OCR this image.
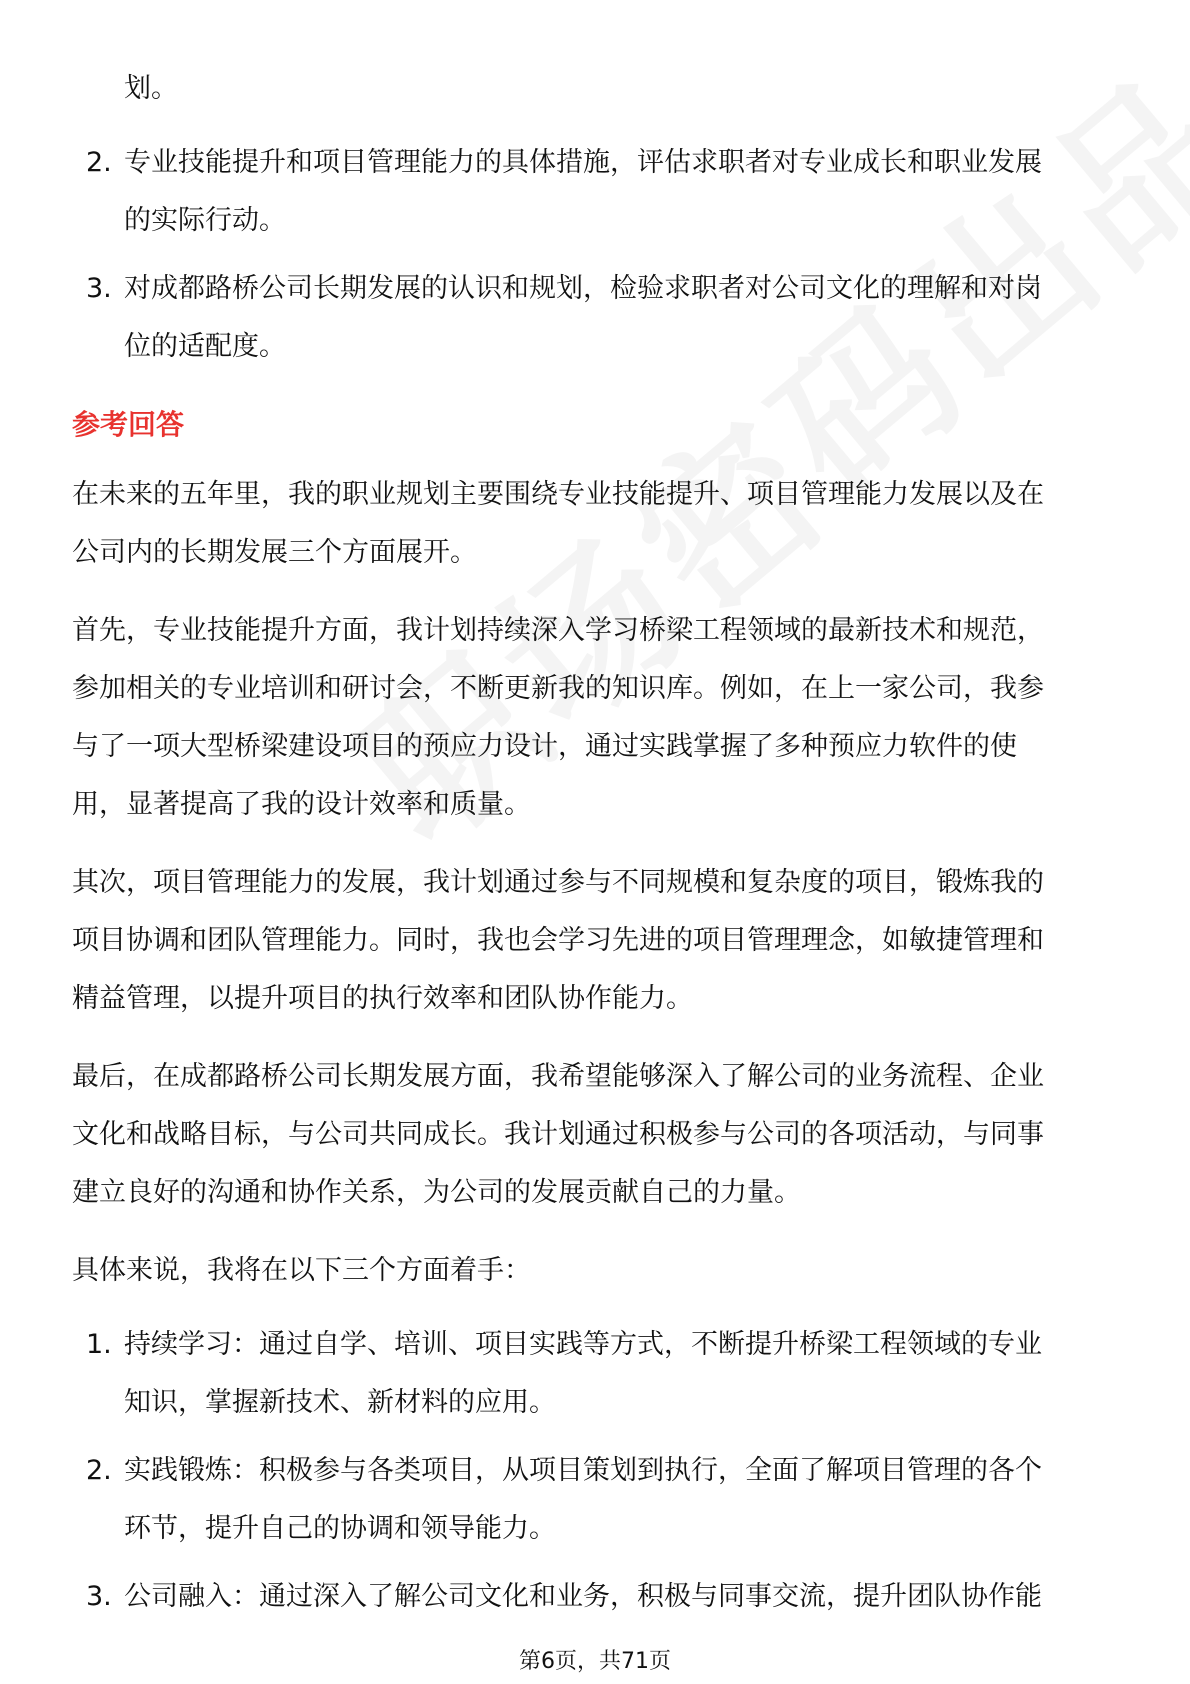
划。
2. 专业技能提升和项目管理能力的具体措施，评估求职者对专业成长和职业发展
的实际行动。
3. 对成都路桥公司长期发展的认识和规划，检验求职者对公司文化的理解和对岗
位的适配度。
参考回答
在未来的五年里，我的职业规划主要围绕专业技能提升、项目管理能力发展以及在
公司内的长期发展三个方面展开。
首先，专业技能提升方面，我计划持续深入学习桥梁工程领域的最新技术和规范，
参加相关的专业培训和研讨会，不断更新我的知识库。例如，在上一家公司，我参
与了一项大型桥梁建设项目的预应力设计，通过实践掌握了多种预应力软件的使
用，显著提高了我的设计效率和质量。
其次，项目管理能力的发展，我计划通过参与不同规模和复杂度的项目，锻炼我的
项目协调和团队管理能力。同时，我也会学习先进的项目管理理念，如敏捷管理和
精益管理，以提升项目的执行效率和团队协作能力。
最后，在成都路桥公司长期发展方面，我希望能够深入了解公司的业务流程、企业
文化和战略目标，与公司共同成长。我计划通过积极参与公司的各项活动，与同事
建立良好的沟通和协作关系，为公司的发展贡献自己的力量。
具体来说，我将在以下三个方面着手：
1. 持续学习：通过自学、培训、项目实践等方式，不断提升桥梁工程领域的专业
知识，掌握新技术、新材料的应用。
2. 实践锻炼：积极参与各类项目，从项目策划到执行，全面了解项目管理的各个
环节，提升自己的协调和领导能力。
3. 公司融入：通过深入了解公司文化和业务，积极与同事交流，提升团队协作能
第6页，共71页
